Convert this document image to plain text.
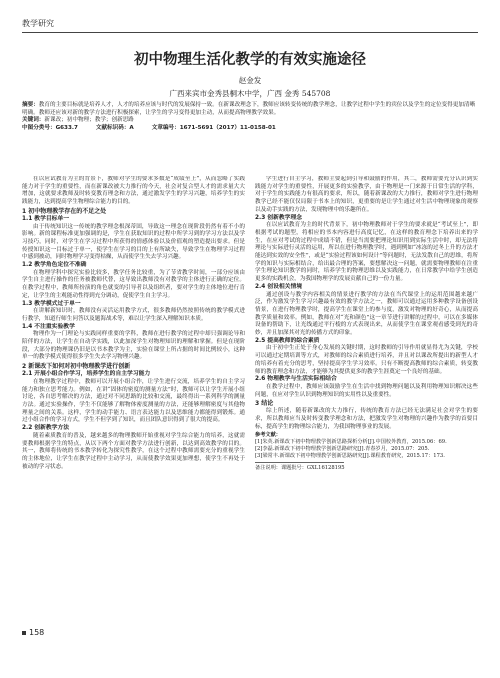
教学研究
初中物理生活化教学的有效实施途径
赵金发
广西来宾市金秀县桐木中学，广西 金秀 545708
摘要：教育的主要目标就是培养人才，人才的培养应该与时代的发展保持一致。在新课改理念下，教师应该转变传统的教学理念，让教学过程中学生的宾位以及学生的定位变得更加清晰明确。教师还应该对新的教学方法进行积极探索，让学生的学习变得更加主动，从而提高物理教学效果。
关键词：新课改；初中物理；教学；创新思路
中图分类号：G633.7	文献标识码：A	文章编号：1671-5691（2017）11-0158-01

在以应试教育为主的背景下，教师对学生的要求多数是“成绩至上”，从而忽略了实践能力对于学生的重要性，而在新课改被大力推行的今天，社会对复合型人才的需求量大大增加，这就要求教师及时转变教育理念和方法，通过激发学生的学习兴趣，培养学生的实践能力，达到提高学生物理综合能力的目的。

1 初中物理教学存在的不足之处
1.1 教学目标单一

由于传统知识这一传统的教学理念根深蒂固，导致这一理念在现阶段仍然有着不小的影响。新的课程标准更加强调的是，学生在获取知识的过程中所学习到的学习方法以及学习技巧，同时，对学生在学习过程中所获得的情感体验以及价值观的塑造提出要求。但是传授知识这一目标过于单一，使学生在学习的目的上有所缺失，导致学生在物理学习过程中感到被动，同时物理学习变得枯燥，从而使学生失去学习兴趣。

1.2 教学角色定位不准确

在物理学科中探究实验比较多，教学任务比较重，为了节省教学时间，一部分应该由学生自主进行操作的任务被教师代替，这导致出教师没有对教学的主体进行正确的定位。在教学过程中，教师所扮演的角色就变的引导者以及组织者，要对学生的主体地位进行肯定，让学生的主观能动性得到充分调动，促使学生自主学习。

1.3 教学模式过于单一

在讲解新知识时，教师没有灵活运用教学方式，很多教师仍然按照传统的教学模式进行教学，知道行师生问答以及题海战术等，难以让学生深入理解知识本质。

1.4 不注重实验教学

物理作为一门理论与实践同样重要的学科，教师在进行教学的过程中却只强调论导和陪伴的方法，让学生在自动学实践，以此加深学生对物理知识的理解和掌握。但是在现阶段，大部分的物理课仍旧是以书本教学为主，实验在课堂上所占据的时间比例较小，这种单一的教学模式使得很多学生失去学习物理兴趣。

2 新课改下如何对初中物理教学进行创新
2.1 开展小组合作学习，培养学生的自主学习能力

在物理教学过程中，教师可以开展小组合作，让学生进行交流，培养学生的自主学习能力和独立思考能力。例如，在讲“固体的密度的测量方法”时，教师可以让学生开展小组讨论，各自思考解决的方法，通过对不同思路的比较和交流，最终得出一系列科学的测量方法。通过实验操作，学生不仅能够了解物体密度测量的方法，还能够理解密度与其他物理量之间的关系。这样，学生的动手能力、语言表达能力以及思维能力都能得到锻炼。通过小组合作的学习方式，学生不但学到了知识，而且团队意识得到了很大的提高。

2.2 创新教学方法

随着素质教育的普及，越来越多的物理教师开始重视对学生综合能力的培养，这就需要教师根据学生的特点，从以下两个方面对教学方法进行创新，以达到高效教学的目的。其一，教师将传统的书本教学转化为探究性教学，在这个过程中教师需要充分的重视学生的主体地位，让学生在教学过程中主动学习，从而使教学效果更加理想，使学生不再处于被动的学习状态。

学生进行自主学习，教师主要起到引导和鼓励的作用，其二，教师需要充分认识到实践能力对学生的重要性，开展更多的实验教学，由于物理是一门来源于日常生活的学科，对于学生的实践能力有很高的要求，所以，随着新课改的大力推行，教师对学生进行物理教学已经不能仅仅局限于书本上的知识，更重要的是让学生通过对生活中物理现象的观察以及动手实践的方法，发现物理中的乐趣所在。

2.3 创新教学理念

在以应试教育为主的时代背景下，初中物理教师对于学生的要求就是“考试至上”，即根据考试的题型，将相应的书本内容进行高度记忆，在这样的教育理念下培养出来的学生，在应对考试的过程中成绩不错，但是当需要把理论知识用到实际生活中时，却无法将理论与实际进行灵活的运用，所以在进行物理教学时，遇到例如“冰冻的过冬上升的方法才能达到实效的安全性”，或是“实验过程该如何设计”等问题时，无法发散自己的思维，将所学的知识与实际相结合，给出最合理的答案，要想解决这一问题，就需要物理教师在注重学生理论知识教学的同时，培养学生的物理思维以及实践能力，在日常教学中给学生创造更多的实践机会，为我国物理学的发展贡献自己的一份力量。

2.4 创设相关情境

通过创设与教学内容相关的情景进行教学的方法在当代课堂上的运用范围越来越广泛，作为激发学生学习兴趣最有效的教学方法之一，教师可以通过运用多种教学设备创设情景，在进行物理教学时，提高学生在课堂上的参与度，激发对物理的好奇心，从而提高教学质量和效率。例如，教师在对“光和颜色”这一章节进行讲解的过程中，可以在多媒体设备的帮助下，让光线通过平行棱的方式表现出来，从而使学生在课堂观看感受到光的奇妙，并且加深其对光的传播方式的印象。

2.5 提高教师的综合素质

由于初中生正处于身心发展的关键时期，这时教师的引导作用就显得尤为关键，学校可以通过定期培训等方式，对教师的综合素质进行培养，并且对以课改所提出的新型人才的培养有着充分的思考，坚持提高学生学习效率。只有不断提高教师的综合素质，转变教师的教育理念和方法，才能够为其提供更多的教学生涯奠定一个良好的基础。

2.6 物理教学与生活实际相结合

在教学过程中，教师应该鼓励学生在生活中找到物理问题以及利用物理知识解决这些问题，在应对学生认识到物理知识的实用性以及重要性。

3 结论

综上所述，随着新课改的大力推行，传统的教育方法已经无法满足社会对学生的要求，所以教师应当及时转变教学理念和方法，把激发学生对物理的兴趣作为教学的首要目标，提高学生的物理综合能力，为我国物理事业的发展。

参考文献：
[1]朱英.新课改下初中物理教学创新思路探析分析[J].中国校外教育，2015.06：69.
[2]李磊.新课改下初中物理教学创新思路研究[J].青春岁月，2015.07：205.
[3]梁常丰.新课改下初中物理教学创新思路研究[J].课程教育研究，2015.17：173.
备注说明：课题批号：GXL16128195
158
